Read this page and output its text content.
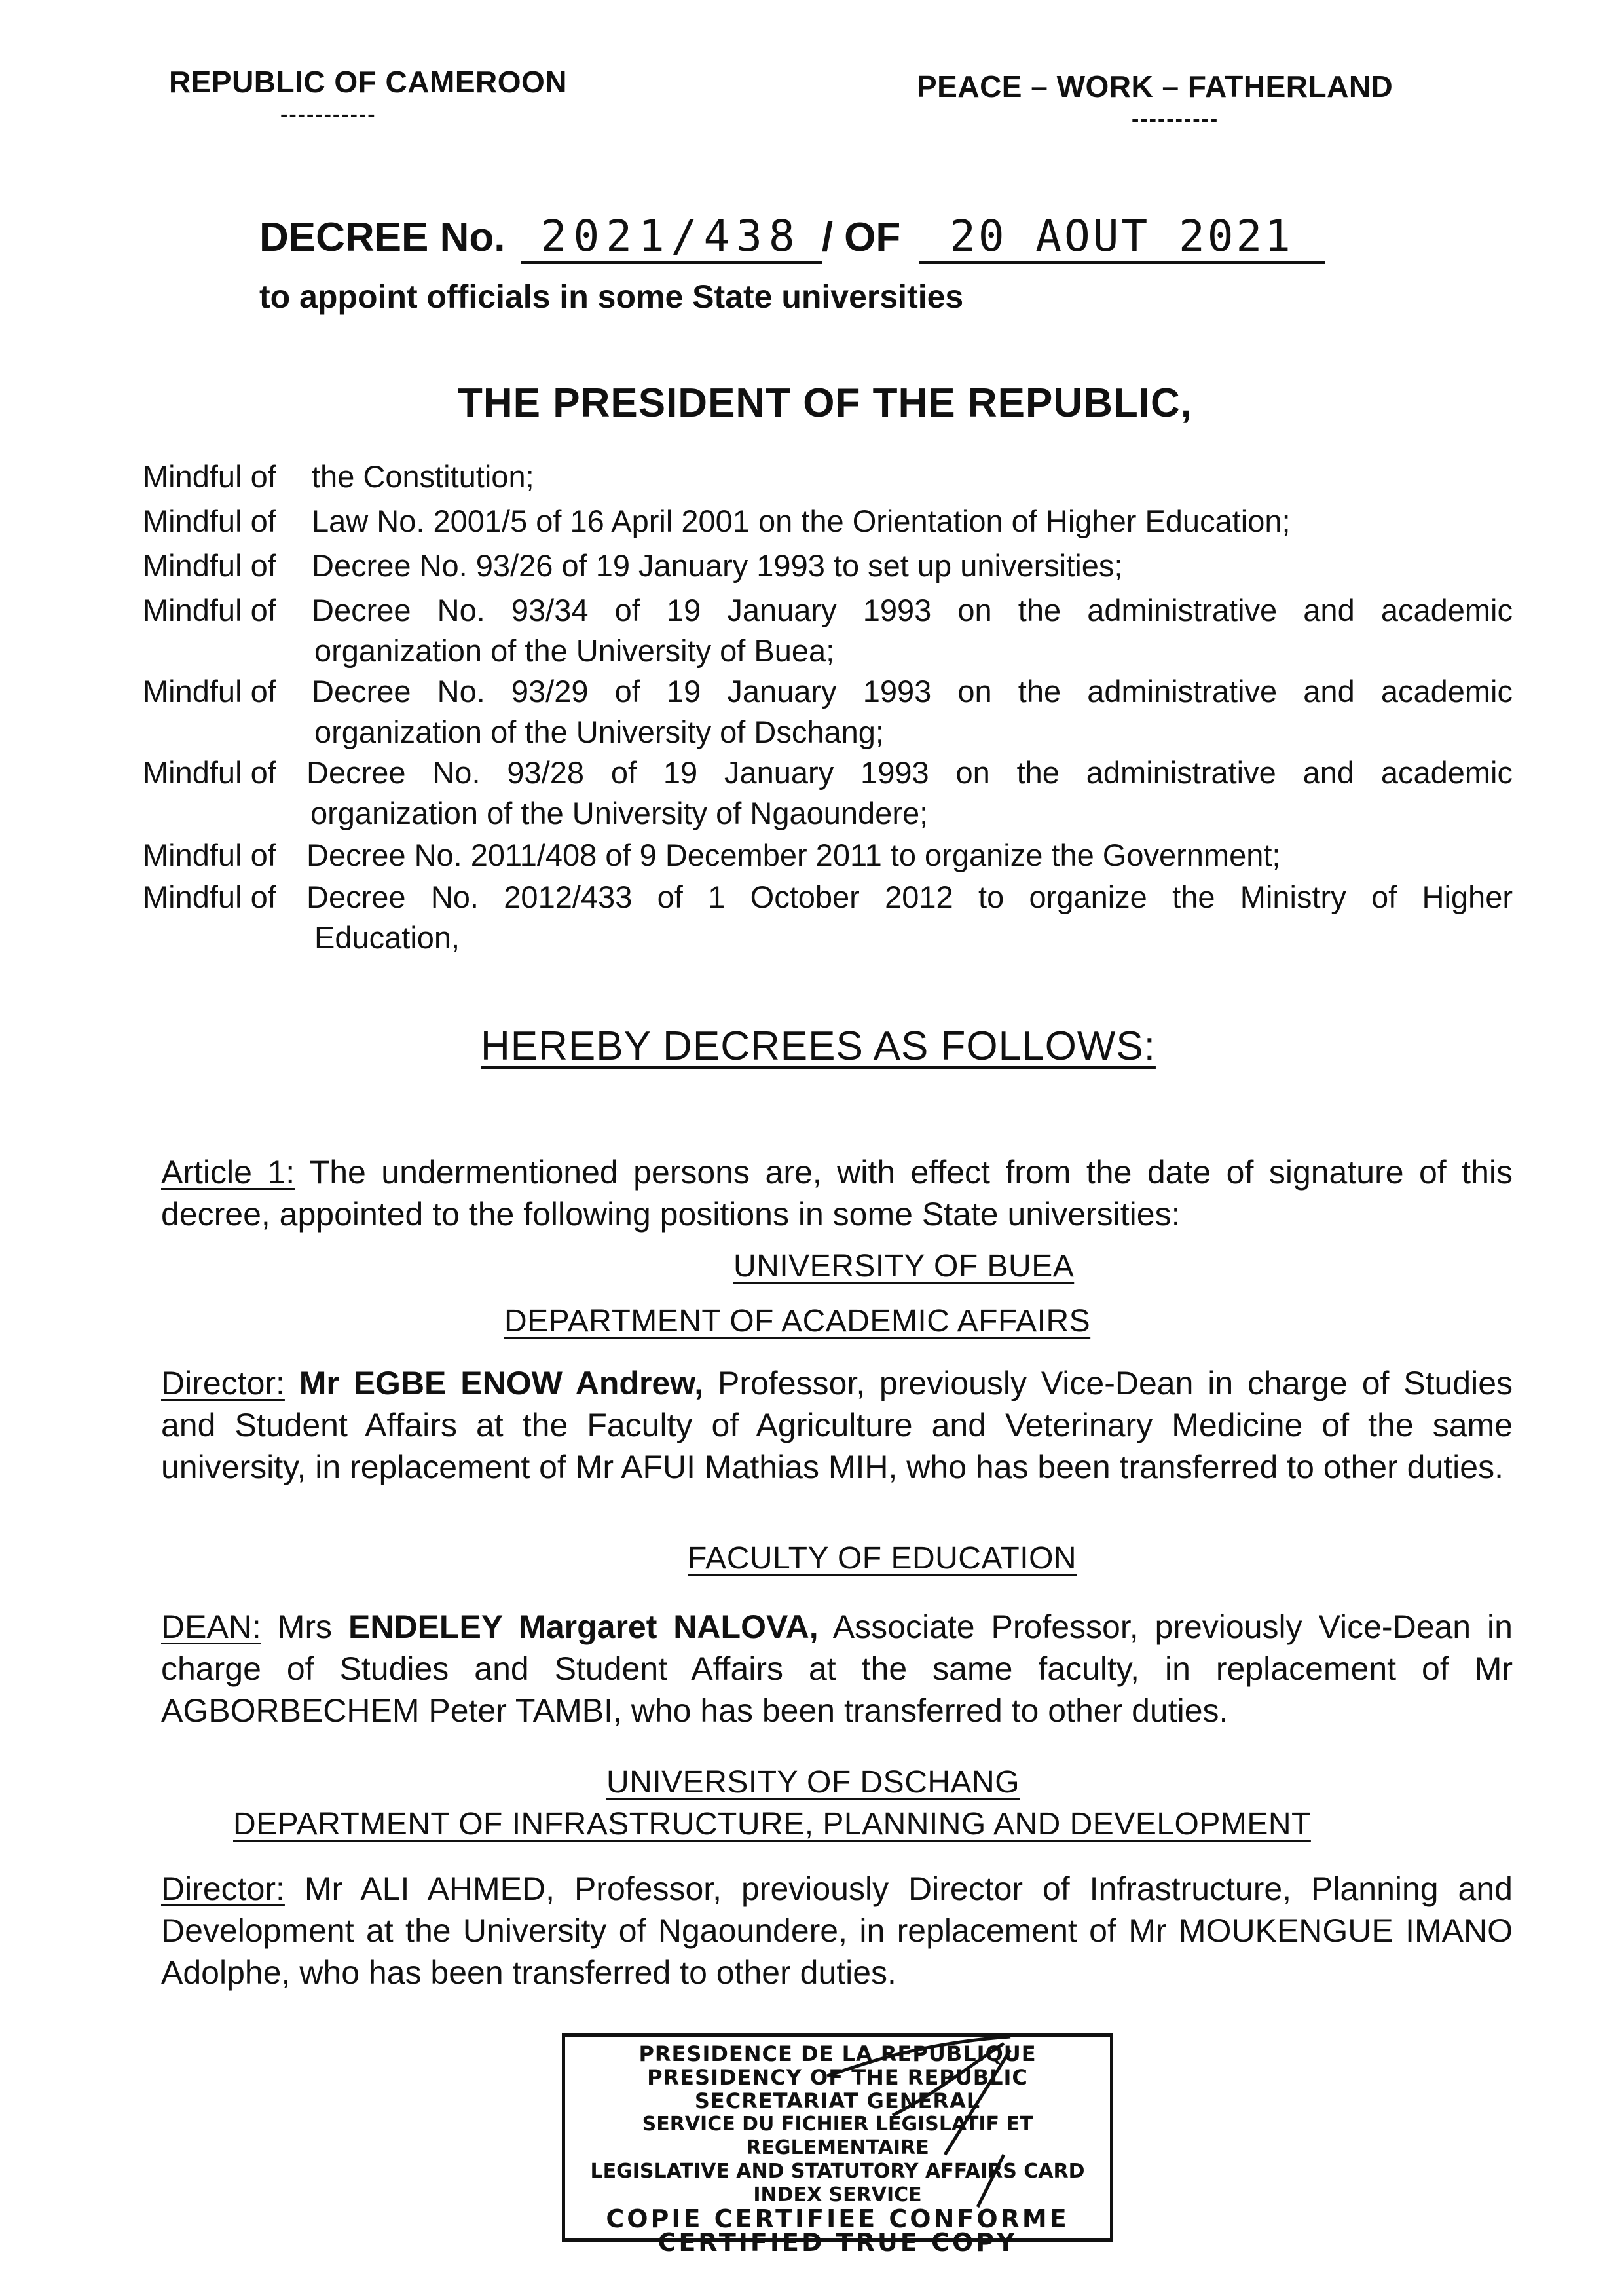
REPUBLIC OF CAMEROON
-----------
PEACE – WORK – FATHERLAND
----------
DECREE No. 2021/438 / OF 20 AOUT 2021
to appoint officials in some State universities
THE PRESIDENT OF THE REPUBLIC,
Mindful of the Constitution;
Mindful of Law No. 2001/5 of 16 April 2001 on the Orientation of Higher Education;
Mindful of Decree No. 93/26 of 19 January 1993 to set up universities;
Mindful of	Decree No. 93/34 of 19 January 1993 on the administrative and academic
organization of the University of Buea;
Mindful of	Decree No. 93/29 of 19 January 1993 on the administrative and academic
organization of the University of Dschang;
Mindful of Decree No. 93/28 of 19 January 1993 on the administrative and academic
organization of the University of Ngaoundere;
Mindful of Decree No. 2011/408 of 9 December 2011 to organize the Government;
Mindful of Decree No. 2012/433 of 1 October 2012 to organize the Ministry of Higher
Education,
HEREBY DECREES AS FOLLOWS:
Article 1: The undermentioned persons are, with effect from the date of signature of this decree, appointed to the following positions in some State universities:
UNIVERSITY OF BUEA
DEPARTMENT OF ACADEMIC AFFAIRS
Director: Mr EGBE ENOW Andrew, Professor, previously Vice-Dean in charge of Studies and Student Affairs at the Faculty of Agriculture and Veterinary Medicine of the same university, in replacement of Mr AFUI Mathias MIH, who has been transferred to other duties.
FACULTY OF EDUCATION
DEAN: Mrs ENDELEY Margaret NALOVA, Associate Professor, previously Vice-Dean in charge of Studies and Student Affairs at the same faculty, in replacement of Mr AGBORBECHEM Peter TAMBI, who has been transferred to other duties.
UNIVERSITY OF DSCHANG
DEPARTMENT OF INFRASTRUCTURE, PLANNING AND DEVELOPMENT
Director: Mr ALI AHMED, Professor, previously Director of Infrastructure, Planning and Development at the University of Ngaoundere, in replacement of Mr MOUKENGUE IMANO Adolphe, who has been transferred to other duties.
PRESIDENCE DE LA REPUBLIQUE
PRESIDENCY OF THE REPUBLIC
SECRETARIAT GENERAL
SERVICE DU FICHIER LEGISLATIF ET REGLEMENTAIRE
LEGISLATIVE AND STATUTORY AFFAIRS CARD INDEX SERVICE
COPIE CERTIFIEE CONFORME
CERTIFIED TRUE COPY
